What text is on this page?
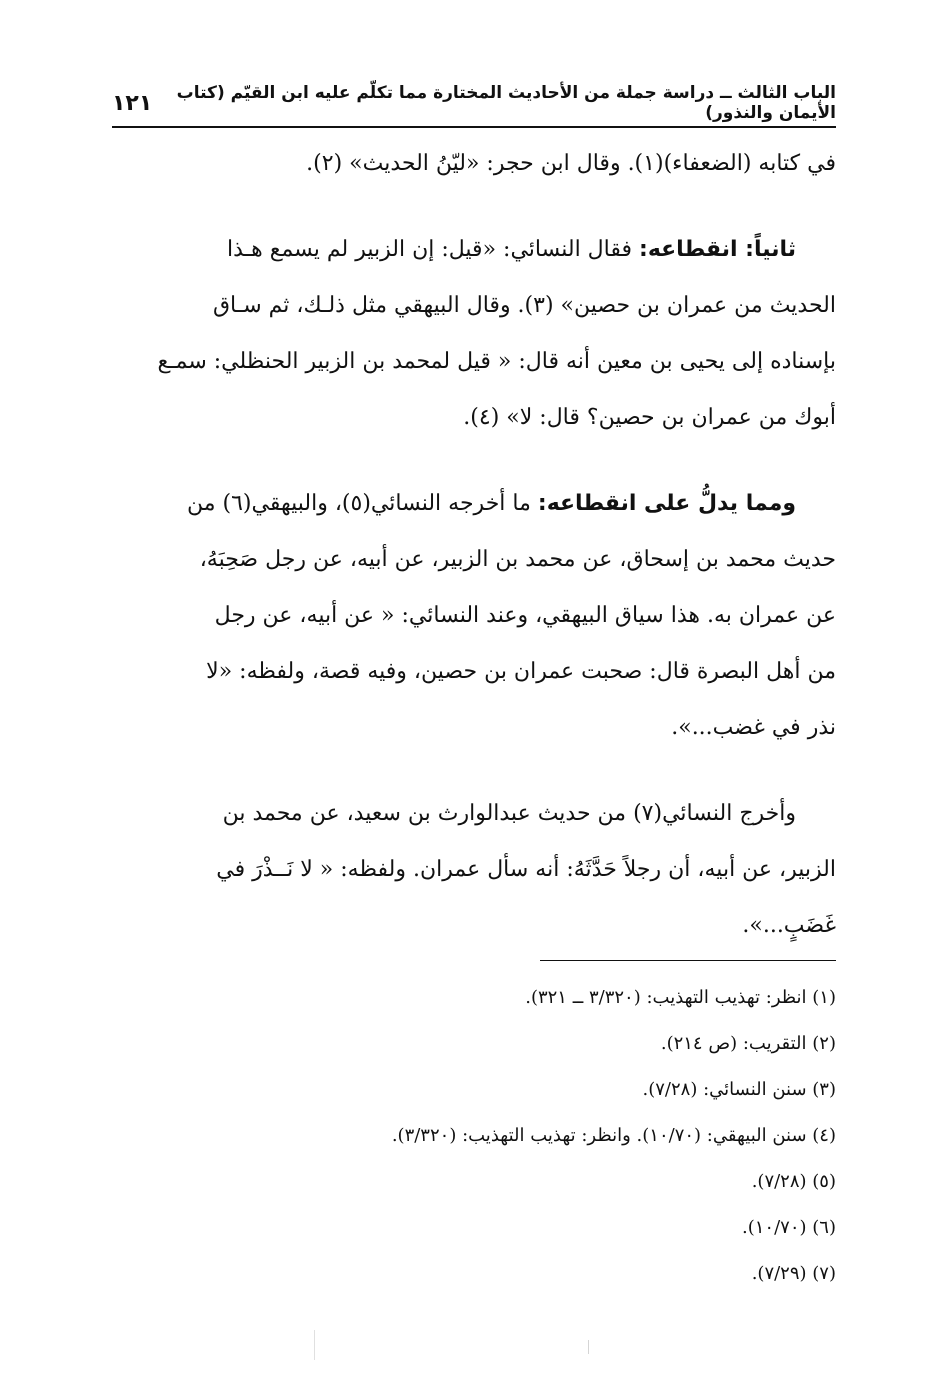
الباب الثالث ــ دراسة جملة من الأحاديث المختارة مما تكلّم عليه ابن القيّم (كتاب الأيمان والنذور)
١٢١
في كتابه (الضعفاء)(١). وقال ابن حجر: «ليّنُ الحديث» (٢).
ثانياً: انقطاعه:

فقال النسائي: «قيل: إن الزبير لم يسمع هـذا
الحديث من عمران بن حصين» (٣). وقال البيهقي مثل ذلـك، ثم سـاق
بإسناده إلى يحيى بن معين أنه قال: « قيل لمحمد بن الزبير الحنظلي: سمـع
أبوك من عمران بن حصين؟ قال: لا» (٤).
ومما يدلُّ على انقطاعه:

ما أخرجه النسائي(٥)، والبيهقي(٦) من
حديث محمد بن إسحاق، عن محمد بن الزبير، عن أبيه، عن رجل صَحِبَهُ،
عن عمران به. هذا سياق البيهقي، وعند النسائي: « عن أبيه، عن رجل
من أهل البصرة قال: صحبت عمران بن حصين، وفيه قصة، ولفظه: «لا
نذر في غضب...».
وأخرج النسائي(٧) من حديث عبدالوارث بن سعيد، عن محمد بن
الزبير، عن أبيه، أن رجلاً حَدَّثَهُ: أنه سأل عمران. ولفظه: « لا نَــذْرَ في
غَضَبٍ...».
(١) انظر: تهذيب التهذيب: (٣/٣٢٠ ــ ٣٢١).
(٢) التقريب: (ص ٢١٤).
(٣) سنن النسائي: (٧/٢٨).
(٤) سنن البيهقي: (١٠/٧٠). وانظر: تهذيب التهذيب: (٣/٣٢٠).
(٥) (٧/٢٨).
(٦) (١٠/٧٠).
(٧) (٧/٢٩).
